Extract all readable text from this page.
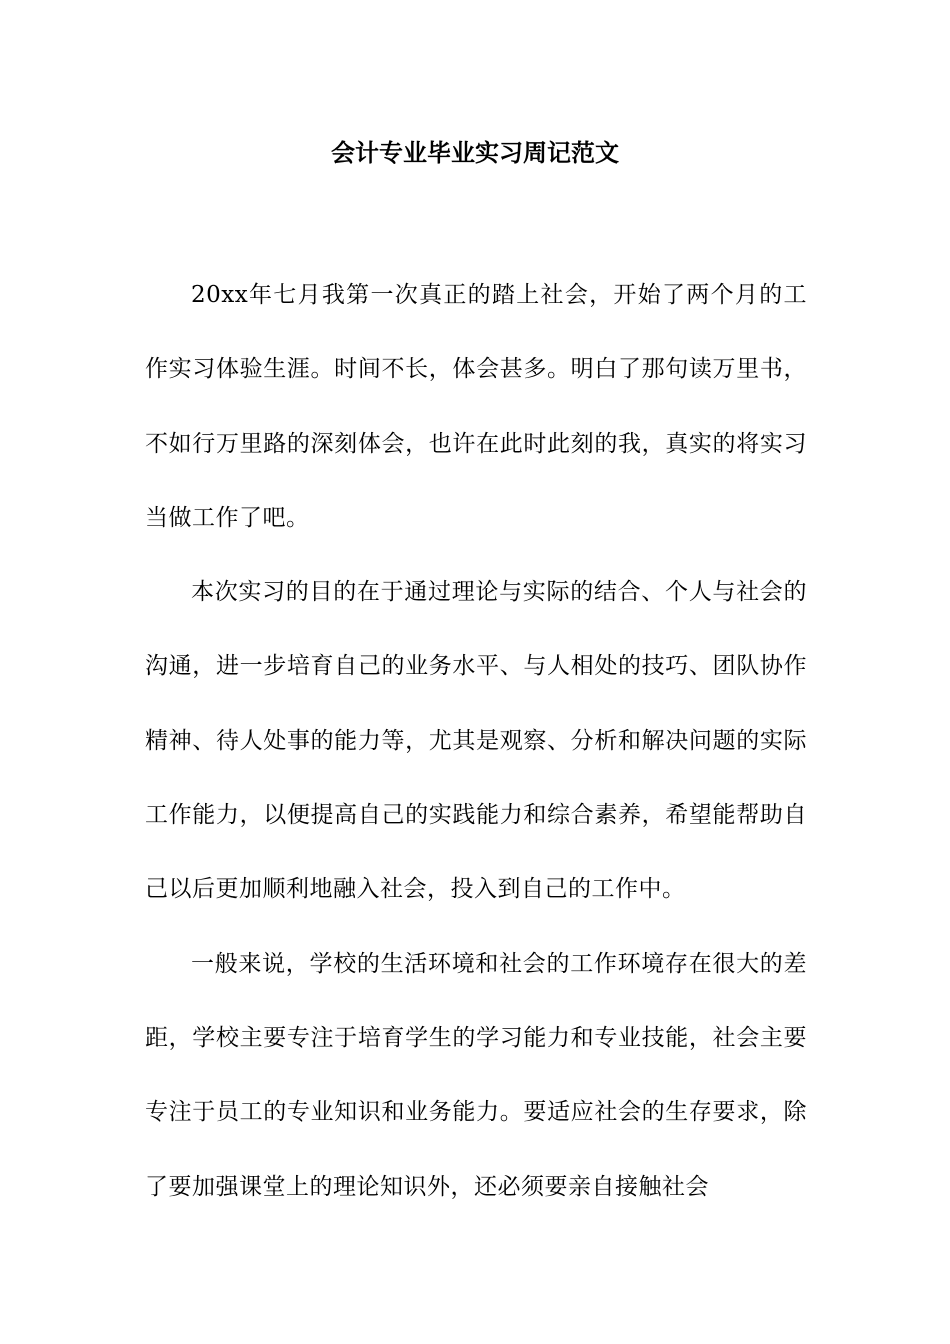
会计专业毕业实习周记范文

20xx年七月我第一次真正的踏上社会，开始了两个月的工作实习体验生涯。时间不长，体会甚多。明白了那句读万里书，不如行万里路的深刻体会，也许在此时此刻的我，真实的将实习当做工作了吧。

本次实习的目的在于通过理论与实际的结合、个人与社会的沟通，进一步培育自己的业务水平、与人相处的技巧、团队协作精神、待人处事的能力等，尤其是观察、分析和解决问题的实际工作能力，以便提高自己的实践能力和综合素养，希望能帮助自己以后更加顺利地融入社会，投入到自己的工作中。

一般来说，学校的生活环境和社会的工作环境存在很大的差距，学校主要专注于培育学生的学习能力和专业技能，社会主要专注于员工的专业知识和业务能力。要适应社会的生存要求，除了要加强课堂上的理论知识外，还必须要亲自接触社会
